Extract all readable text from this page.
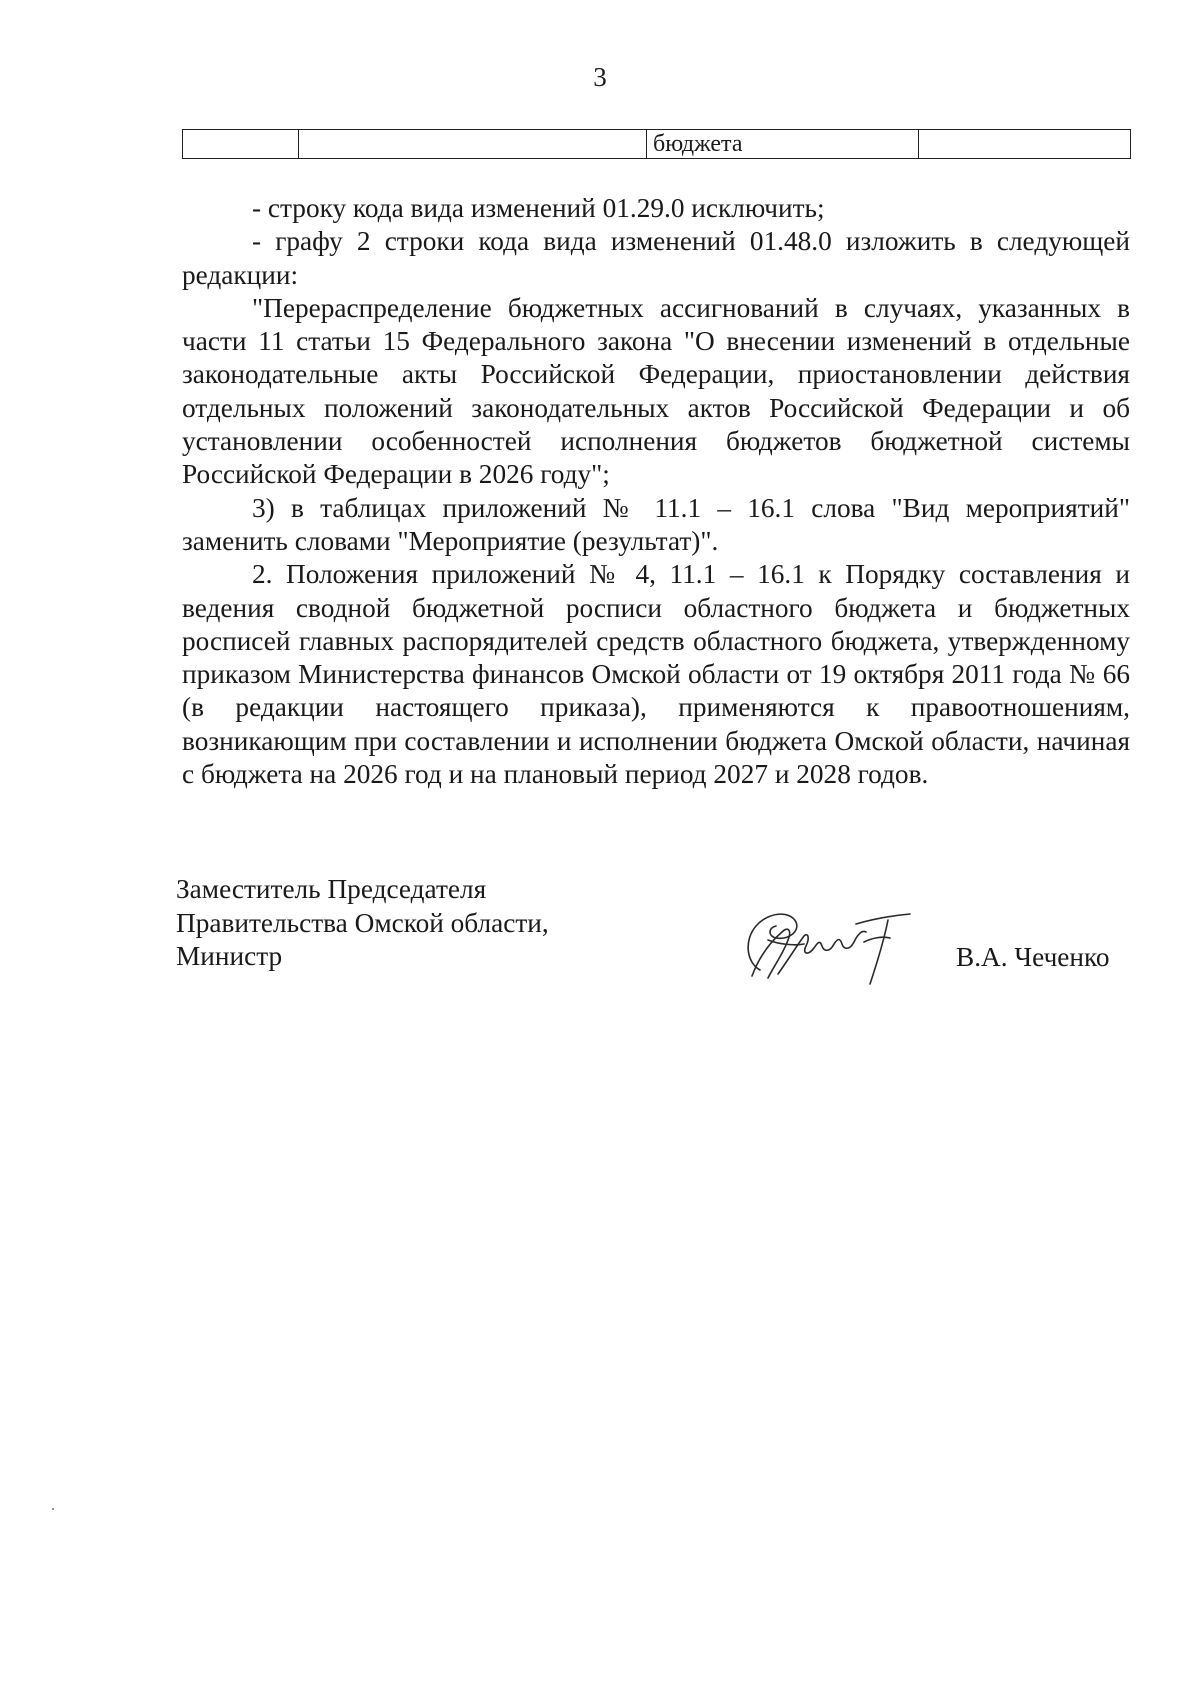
3
		бюджета	

- строку кода вида изменений 01.29.0 исключить;

- графу 2 строки кода вида изменений 01.48.0 изложить в следующей редакции:

"Перераспределение бюджетных ассигнований в случаях, указанных в части 11 статьи 15 Федерального закона "О внесении изменений в отдельные законодательные акты Российской Федерации, приостановлении действия отдельных положений законодательных актов Российской Федерации и об установлении особенностей исполнения бюджетов бюджетной системы Российской Федерации в 2026 году";

3) в таблицах приложений № 11.1 – 16.1 слова "Вид мероприятий" заменить словами "Мероприятие (результат)".

2. Положения приложений № 4, 11.1 – 16.1 к Порядку составления и ведения сводной бюджетной росписи областного бюджета и бюджетных росписей главных распорядителей средств областного бюджета, утвержденному приказом Министерства финансов Омской области от 19 октября 2011 года № 66 (в редакции настоящего приказа), применяются к правоотношениям, возникающим при составлении и исполнении бюджета Омской области, начиная с бюджета на 2026 год и на плановый период 2027 и 2028 годов.

Заместитель Председателя
Правительства Омской области,
Министр	В.А. Чеченко
